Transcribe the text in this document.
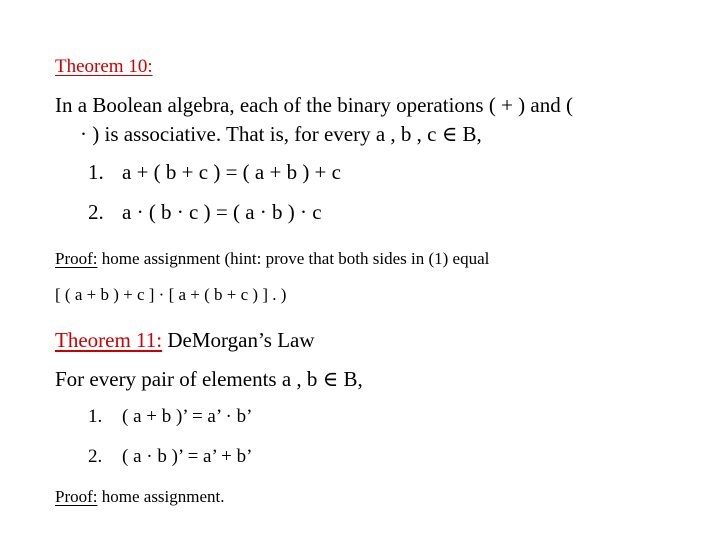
Theorem 10:
In a Boolean algebra, each of the binary operations ( + ) and (
· ) is associative. That is, for every a , b , c ∈ B,
1. a + ( b + c ) = ( a + b ) + c
2. a · ( b · c ) = ( a · b ) · c
Proof: home assignment (hint: prove that both sides in (1) equal
[ ( a + b ) + c ] · [ a + ( b + c ) ] . )
Theorem 11: DeMorgan’s Law
For every pair of elements a , b ∈ B,
1. ( a + b )’ = a’ · b’
2. ( a · b )’ = a’ + b’
Proof: home assignment.
